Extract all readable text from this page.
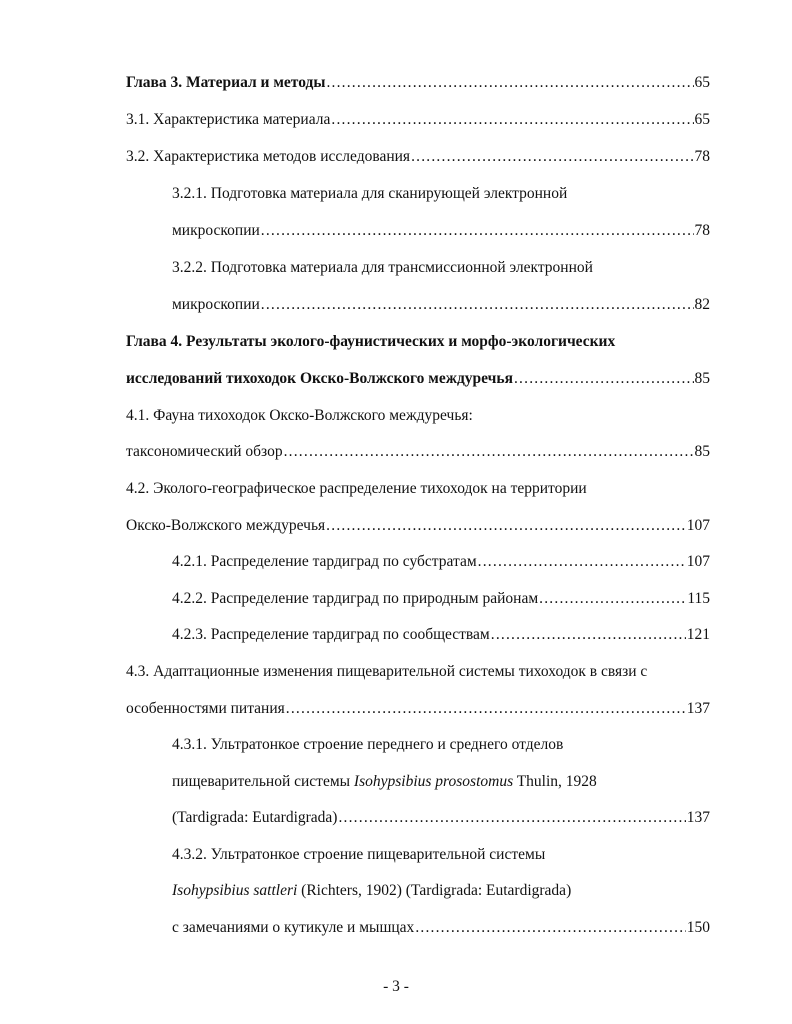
Глава 3. Материал и методы .....	65
3.1. Характеристика материала .....	65
3.2. Характеристика методов исследования .....	78
3.2.1. Подготовка материала для сканирующей электронной
микроскопии .....	78
3.2.2. Подготовка материала для трансмиссионной электронной
микроскопии .....	82
Глава 4. Результаты эколого-фаунистических и морфо-экологических
исследований тихоходок Окско-Волжского междуречья .....	85
4.1. Фауна тихоходок Окско-Волжского междуречья:
таксономический обзор .....	85
4.2. Эколого-географическое распределение тихоходок на территории
Окско-Волжского междуречья .....	107
4.2.1. Распределение тардиград по субстратам .....	107
4.2.2. Распределение тардиград по природным районам .....	115
4.2.3. Распределение тардиград по сообществам .....	121
4.3. Адаптационные изменения пищеварительной системы тихоходок в связи с
особенностями питания .....	137
4.3.1. Ультратонкое строение переднего и среднего отделов
пищеварительной системы Isohypsibius prosostomus Thulin, 1928
(Tardigrada: Eutardigrada) .....	137
4.3.2. Ультратонкое строение пищеварительной системы
Isohypsibius sattleri (Richters, 1902) (Tardigrada: Eutardigrada)
с замечаниями о кутикуле и мышцах .....	150
- 3 -
